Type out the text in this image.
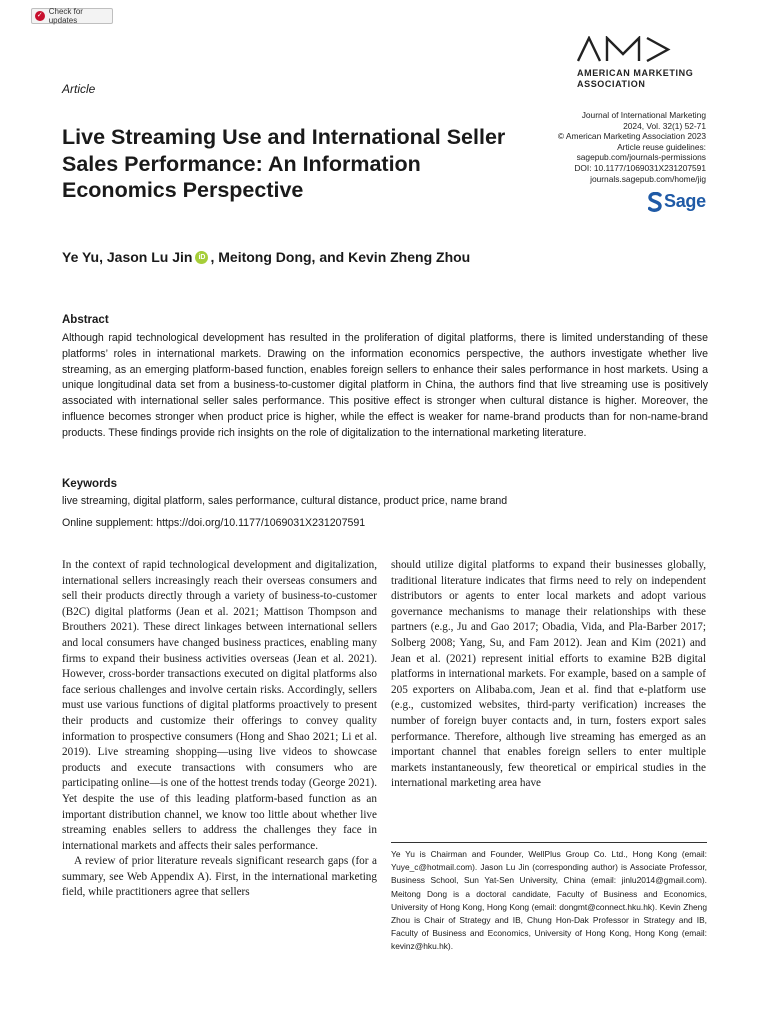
✓ Check for updates
Article
AMERICAN MARKETING
ASSOCIATION
Journal of International Marketing
2024, Vol. 32(1) 52-71
© American Marketing Association 2023
Article reuse guidelines:
sagepub.com/journals-permissions
DOI: 10.1177/1069031X231207591
journals.sagepub.com/home/jig
Sage
Live Streaming Use and International Seller Sales Performance: An Information Economics Perspective
Ye Yu, Jason Lu Jin iD , Meitong Dong, and Kevin Zheng Zhou
Abstract

Although rapid technological development has resulted in the proliferation of digital platforms, there is limited understanding of these platforms’ roles in international markets. Drawing on the information economics perspective, the authors investigate whether live streaming, as an emerging platform-based function, enables foreign sellers to enhance their sales performance in host markets. Using a unique longitudinal data set from a business-to-customer digital platform in China, the authors find that live streaming use is positively associated with international seller sales performance. This positive effect is stronger when cultural distance is higher. Moreover, the influence becomes stronger when product price is higher, while the effect is weaker for name-brand products than for non-name-brand products. These findings provide rich insights on the role of digitalization to the international marketing literature.

Keywords
live streaming, digital platform, sales performance, cultural distance, product price, name brand
Online supplement: https://doi.org/10.1177/1069031X231207591

In the context of rapid technological development and digitalization, international sellers increasingly reach their overseas consumers and sell their products directly through a variety of business-to-customer (B2C) digital platforms (Jean et al. 2021; Mattison Thompson and Brouthers 2021). These direct linkages between international sellers and local consumers have changed business practices, enabling many firms to expand their business activities overseas (Jean et al. 2021). However, cross-border transactions executed on digital platforms also face serious challenges and involve certain risks. Accordingly, sellers must use various functions of digital platforms proactively to present their products and customize their offerings to convey quality information to prospective consumers (Hong and Shao 2021; Li et al. 2019). Live streaming shopping—using live videos to showcase products and execute transactions with consumers who are participating online—is one of the hottest trends today (George 2021). Yet despite the use of this leading platform-based function as an important distribution channel, we know too little about whether live streaming enables sellers to address the challenges they face in international markets and affects their sales performance.

A review of prior literature reveals significant research gaps (for a summary, see Web Appendix A). First, in the international marketing field, while practitioners agree that sellers

should utilize digital platforms to expand their businesses globally, traditional literature indicates that firms need to rely on independent distributors or agents to enter local markets and adopt various governance mechanisms to manage their relationships with these partners (e.g., Ju and Gao 2017; Obadia, Vida, and Pla-Barber 2017; Solberg 2008; Yang, Su, and Fam 2012). Jean and Kim (2021) and Jean et al. (2021) represent initial efforts to examine B2B digital platforms in international markets. For example, based on a sample of 205 exporters on Alibaba.com, Jean et al. find that e-platform use (e.g., customized websites, third-party verification) increases the number of foreign buyer contacts and, in turn, fosters export sales performance. Therefore, although live streaming has emerged as an important channel that enables foreign sellers to enter multiple markets instantaneously, few theoretical or empirical studies in the international marketing area have

Ye Yu is Chairman and Founder, WellPlus Group Co. Ltd., Hong Kong (email: Yuye_c@hotmail.com). Jason Lu Jin (corresponding author) is Associate Professor, Business School, Sun Yat-Sen University, China (email: jinlu2014@gmail.com). Meitong Dong is a doctoral candidate, Faculty of Business and Economics, University of Hong Kong, Hong Kong (email: dongmt@connect.hku.hk). Kevin Zheng Zhou is Chair of Strategy and IB, Chung Hon-Dak Professor in Strategy and IB, Faculty of Business and Economics, University of Hong Kong, Hong Kong (email: kevinz@hku.hk).
